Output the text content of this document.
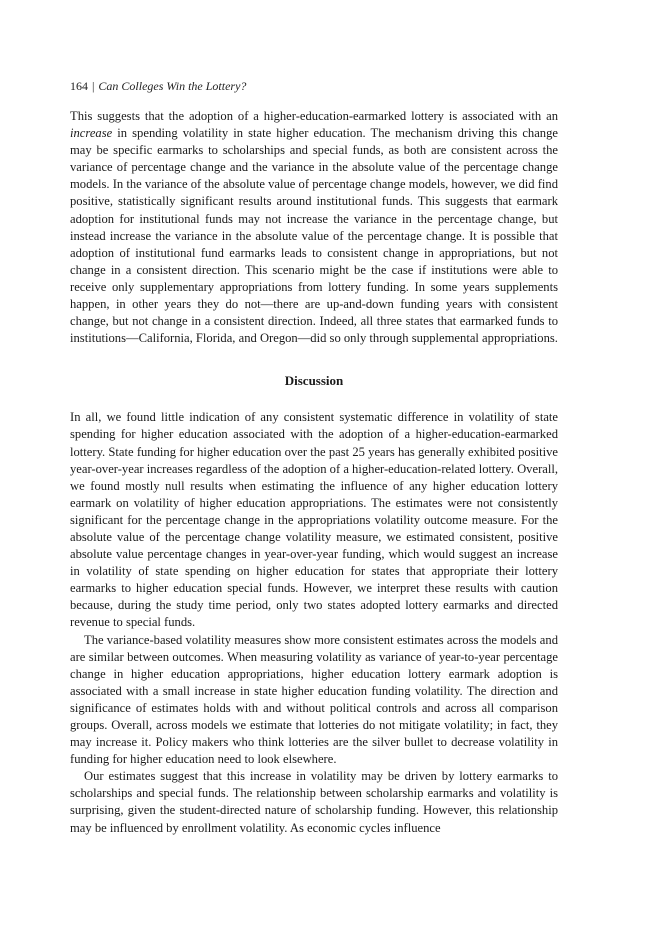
164 | Can Colleges Win the Lottery?

This suggests that the adoption of a higher-education-earmarked lottery is associated with an increase in spending volatility in state higher education. The mechanism driving this change may be specific earmarks to scholarships and special funds, as both are consistent across the variance of percentage change and the variance in the absolute value of the percentage change models. In the variance of the absolute value of percentage change models, however, we did find positive, statistically significant results around institutional funds. This suggests that earmark adoption for institutional funds may not increase the variance in the percentage change, but instead increase the variance in the absolute value of the percentage change. It is possible that adoption of institutional fund earmarks leads to consistent change in appropriations, but not change in a consistent direction. This scenario might be the case if institutions were able to receive only supplementary appropriations from lottery funding. In some years supplements happen, in other years they do not—there are up-and-down funding years with consistent change, but not change in a consistent direction. Indeed, all three states that earmarked funds to institutions—California, Florida, and Oregon—did so only through supplemental appropriations.

Discussion

In all, we found little indication of any consistent systematic difference in volatility of state spending for higher education associated with the adoption of a higher-education-earmarked lottery. State funding for higher education over the past 25 years has generally exhibited positive year-over-year increases regardless of the adoption of a higher-education-related lottery. Overall, we found mostly null results when estimating the influence of any higher education lottery earmark on volatility of higher education appropriations. The estimates were not consistently significant for the percentage change in the appropriations volatility outcome measure. For the absolute value of the percentage change volatility measure, we estimated consistent, positive absolute value percentage changes in year-over-year funding, which would suggest an increase in volatility of state spending on higher education for states that appropriate their lottery earmarks to higher education special funds. However, we interpret these results with caution because, during the study time period, only two states adopted lottery earmarks and directed revenue to special funds.

The variance-based volatility measures show more consistent estimates across the models and are similar between outcomes. When measuring volatility as variance of year-to-year percentage change in higher education appropriations, higher education lottery earmark adoption is associated with a small increase in state higher education funding volatility. The direction and significance of estimates holds with and without political controls and across all comparison groups. Overall, across models we estimate that lotteries do not mitigate volatility; in fact, they may increase it. Policy makers who think lotteries are the silver bullet to decrease volatility in funding for higher education need to look elsewhere.

Our estimates suggest that this increase in volatility may be driven by lottery earmarks to scholarships and special funds. The relationship between scholarship earmarks and volatility is surprising, given the student-directed nature of scholarship funding. However, this relationship may be influenced by enrollment volatility. As economic cycles influence
